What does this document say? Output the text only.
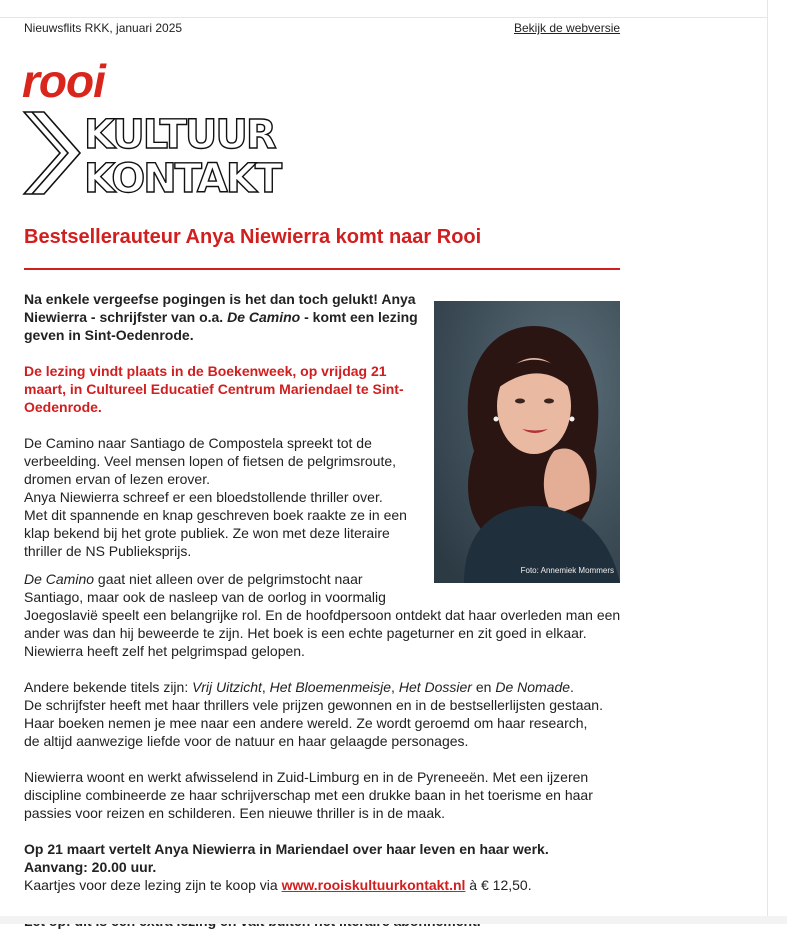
Nieuwsflits RKK, januari 2025	Bekijk de webversie
rooi
KULTUUR
KONTAKT
Bestsellerauteur Anya Niewierra komt naar Rooi
Foto: Annemiek Mommers

Na enkele vergeefse pogingen is het dan toch gelukt! Anya Niewierra - schrijfster van o.a. De Camino - komt een lezing geven in Sint-Oedenrode.

De lezing vindt plaats in de Boekenweek, op vrijdag 21 maart, in Cultureel Educatief Centrum Mariendael te Sint-Oedenrode.

De Camino naar Santiago de Compostela spreekt tot de verbeelding. Veel mensen lopen of fietsen de pelgrimsroute, dromen ervan of lezen erover.
Anya Niewierra schreef er een bloedstollende thriller over.
Met dit spannende en knap geschreven boek raakte ze in een klap bekend bij het grote publiek. Ze won met deze literaire thriller de NS Publieksprijs.

De Camino gaat niet alleen over de pelgrimstocht naar Santiago, maar ook de nasleep van de oorlog in voormalig

Joegoslavië speelt een belangrijke rol. En de hoofdpersoon ontdekt dat haar overleden man een ander was dan hij beweerde te zijn. Het boek is een echte pageturner en zit goed in elkaar. Niewierra heeft zelf het pelgrimspad gelopen.

Andere bekende titels zijn: Vrij Uitzicht, Het Bloemenmeisje, Het Dossier en De Nomade.
De schrijfster heeft met haar thrillers vele prijzen gewonnen en in de bestsellerlijsten gestaan.
Haar boeken nemen je mee naar een andere wereld. Ze wordt geroemd om haar research,
de altijd aanwezige liefde voor de natuur en haar gelaagde personages.

Niewierra woont en werkt afwisselend in Zuid-Limburg en in de Pyreneeën. Met een ijzeren discipline combineerde ze haar schrijverschap met een drukke baan in het toerisme en haar passies voor reizen en schilderen. Een nieuwe thriller is in de maak.

Op 21 maart vertelt Anya Niewierra in Mariendael over haar leven en haar werk.
Aanvang: 20.00 uur.
Kaartjes voor deze lezing zijn te koop via www.rooiskultuurkontakt.nl à € 12,50.
